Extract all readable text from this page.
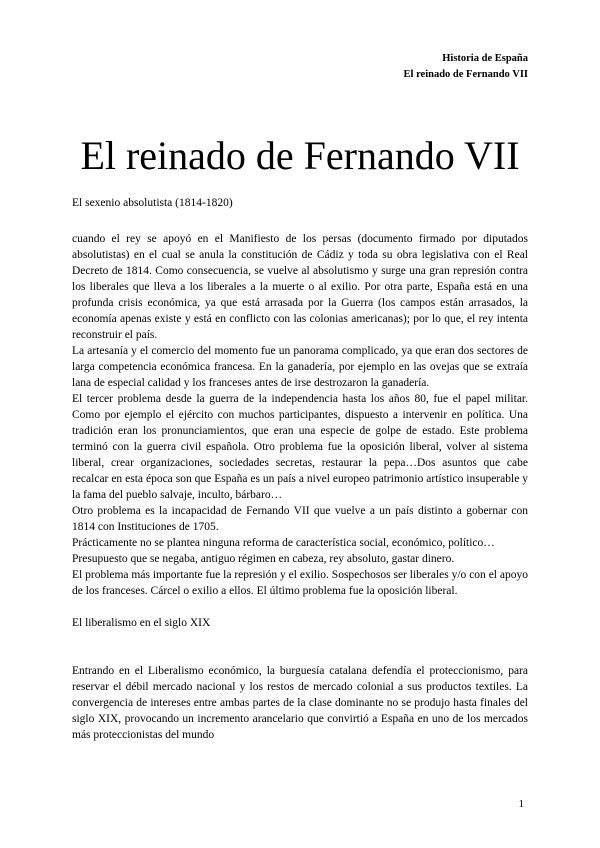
Historia de España
El reinado de Fernando VII
El reinado de Fernando VII

El sexenio absolutista (1814-1820)

cuando el rey se apoyó en el Manifiesto de los persas (documento firmado por diputados absolutistas) en el cual se anula la constitución de Cádiz y toda su obra legislativa con el Real Decreto de 1814. Como consecuencia, se vuelve al absolutismo y surge una gran represión contra los liberales que lleva a los liberales a la muerte o al exilio. Por otra parte, España está en una profunda crisis económica, ya que está arrasada por la Guerra (los campos están arrasados, la economía apenas existe y está en conflicto con las colonias americanas); por lo que, el rey intenta reconstruir el país.

La artesanía y el comercio del momento fue un panorama complicado, ya que eran dos sectores de larga competencia económica francesa. En la ganadería, por ejemplo en las ovejas que se extraía lana de especial calidad y los franceses antes de irse destrozaron la ganadería.

El tercer problema desde la guerra de la independencia hasta los años 80, fue el papel militar. Como por ejemplo el ejército con muchos participantes, dispuesto a intervenir en política. Una tradición eran los pronunciamientos, que eran una especie de golpe de estado. Este problema terminó con la guerra civil española. Otro problema fue la oposición liberal, volver al sistema liberal, crear organizaciones, sociedades secretas, restaurar la pepa…Dos asuntos que cabe recalcar en esta época son que España es un país a nivel europeo patrimonio artístico insuperable y la fama del pueblo salvaje, inculto, bárbaro…

Otro problema es la incapacidad de Fernando VII que vuelve a un país distinto a gobernar con 1814 con Instituciones de 1705.

Prácticamente no se plantea ninguna reforma de característica social, económico, político…

Presupuesto que se negaba, antiguo régimen en cabeza, rey absoluto, gastar dinero.

El problema más importante fue la represión y el exilio. Sospechosos ser liberales y/o con el apoyo de los franceses. Cárcel o exilio a ellos. El último problema fue la oposición liberal.

El liberalismo en el siglo XIX

Entrando en el Liberalismo económico, la burguesía catalana defendía el proteccionismo, para reservar el débil mercado nacional y los restos de mercado colonial a sus productos textiles. La convergencia de intereses entre ambas partes de la clase dominante no se produjo hasta finales del siglo XIX, provocando un incremento arancelario que convirtió a España en uno de los mercados más proteccionistas del mundo

1
